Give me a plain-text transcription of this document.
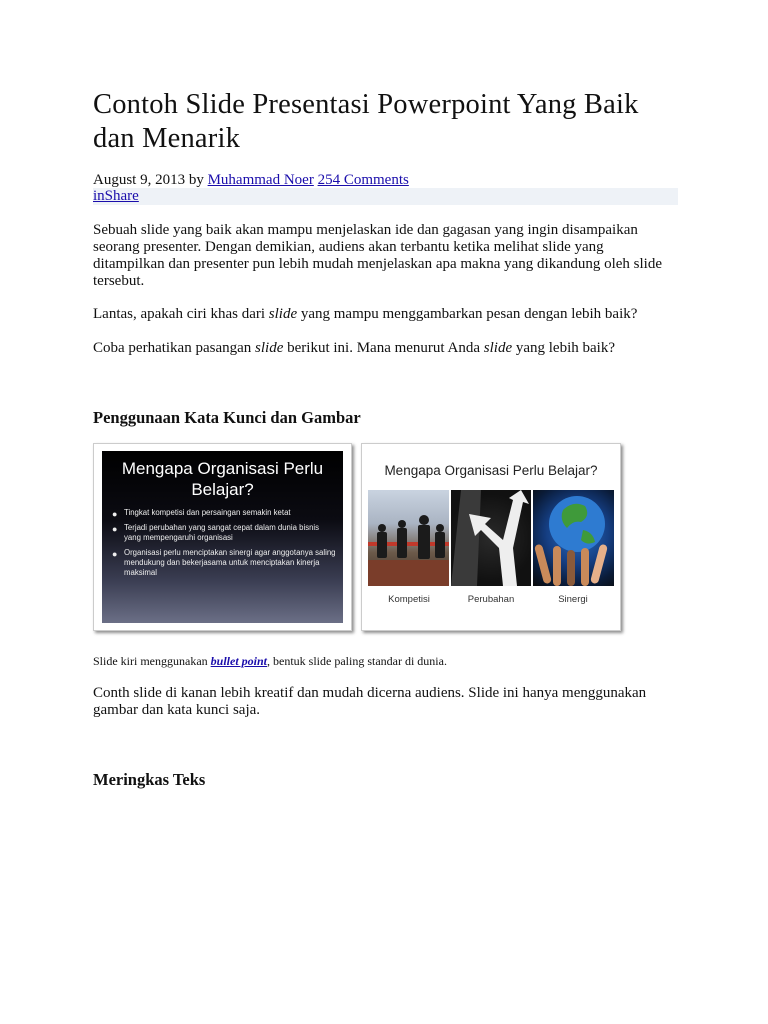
Contoh Slide Presentasi Powerpoint Yang Baik dan Menarik
August 9, 2013 by Muhammad Noer 254 Comments
inShare

Sebuah slide yang baik akan mampu menjelaskan ide dan gagasan yang ingin disampaikan seorang presenter. Dengan demikian, audiens akan terbantu ketika melihat slide yang ditampilkan dan presenter pun lebih mudah menjelaskan apa makna yang dikandung oleh slide tersebut.

Lantas, apakah ciri khas dari slide yang mampu menggambarkan pesan dengan lebih baik?

Coba perhatikan pasangan slide berikut ini. Mana menurut Anda slide yang lebih baik?

Penggunaan Kata Kunci dan Gambar
Mengapa Organisasi Perlu Belajar?
● Tingkat kompetisi dan persaingan semakin ketat
● Terjadi perubahan yang sangat cepat dalam dunia bisnis yang mempengaruhi organisasi
● Organisasi perlu menciptakan sinergi agar anggotanya saling mendukung dan bekerjasama untuk menciptakan kinerja maksimal
Mengapa Organisasi Perlu Belajar?
Kompetisi	Perubahan	Sinergi

Slide kiri menggunakan bullet point, bentuk slide paling standar di dunia.

Conth slide di kanan lebih kreatif dan mudah dicerna audiens. Slide ini hanya menggunakan gambar dan kata kunci saja.

Meringkas Teks
